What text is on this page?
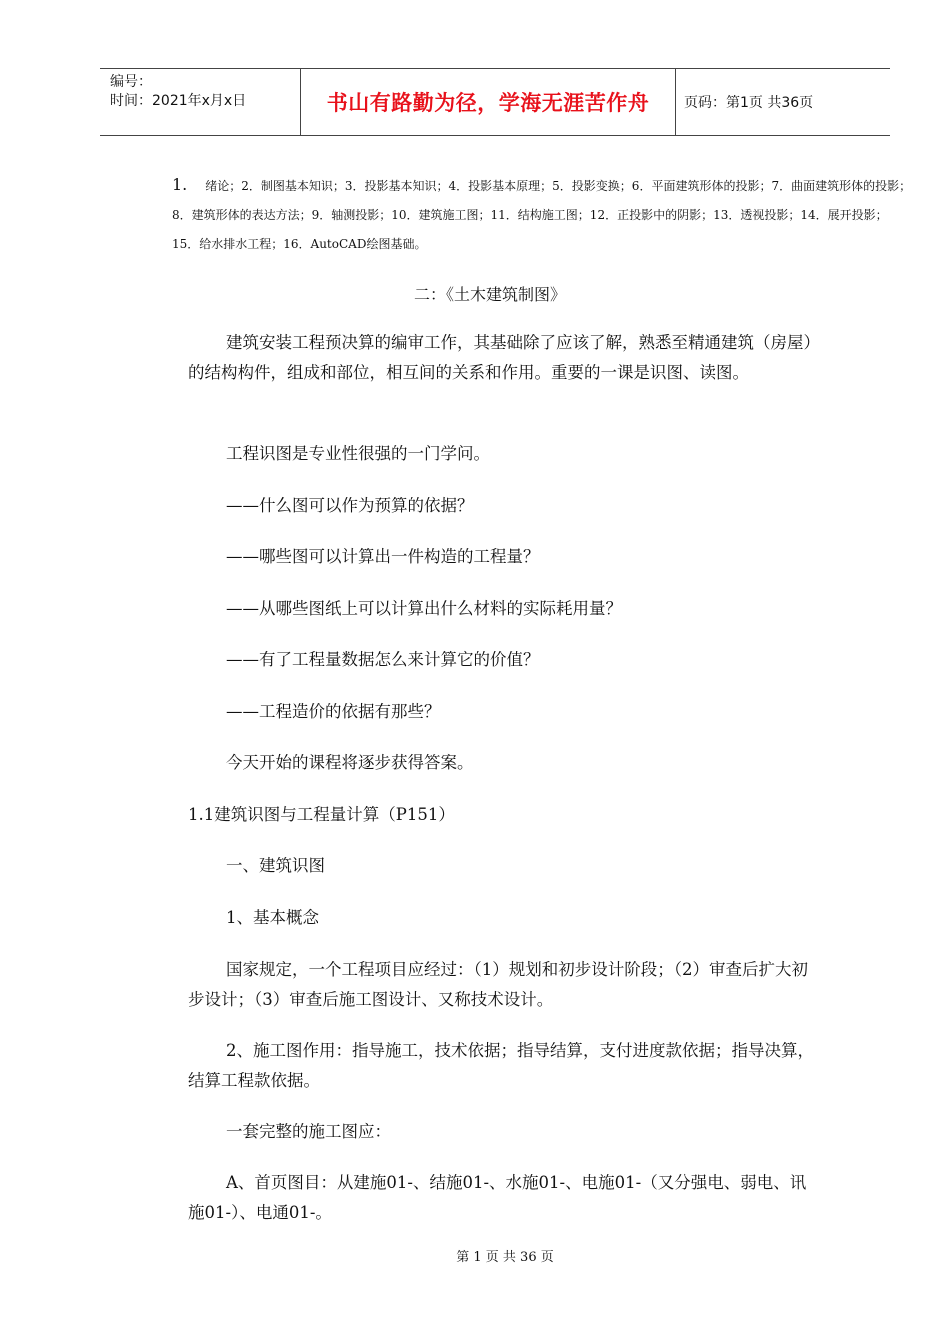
编号：
时间：2021年x月x日	书山有路勤为径，学海无涯苦作舟 页码：第1页 共36页
1. 绪论；2．制图基本知识；3．投影基本知识；4．投影基本原理；5．投影变换；6．平面建筑形体的投影；7．曲面建筑形体的投影；8．建筑形体的表达方法；9．轴测投影；10．建筑施工图；11．结构施工图；12．正投影中的阴影；13．透视投影；14．展开投影；15．给水排水工程；16．AutoCAD绘图基础。
二：《土木建筑制图》
建筑安装工程预决算的编审工作，其基础除了应该了解，熟悉至精通建筑（房屋）的结构构件，组成和部位，相互间的关系和作用。重要的一课是识图、读图。
工程识图是专业性很强的一门学问。
——什么图可以作为预算的依据？
——哪些图可以计算出一件构造的工程量？
——从哪些图纸上可以计算出什么材料的实际耗用量？
——有了工程量数据怎么来计算它的价值？
——工程造价的依据有那些？
今天开始的课程将逐步获得答案。
1.1建筑识图与工程量计算（P151）
一、建筑识图
1、基本概念
国家规定，一个工程项目应经过：（1）规划和初步设计阶段；（2）审查后扩大初步设计；（3）审查后施工图设计、又称技术设计。
2、施工图作用：指导施工，技术依据；指导结算，支付进度款依据；指导决算，结算工程款依据。
一套完整的施工图应：
A、首页图目：从建施01-、结施01-、水施01-、电施01-（又分强电、弱电、讯施01-）、电通01-。
第 1 页 共 36 页
